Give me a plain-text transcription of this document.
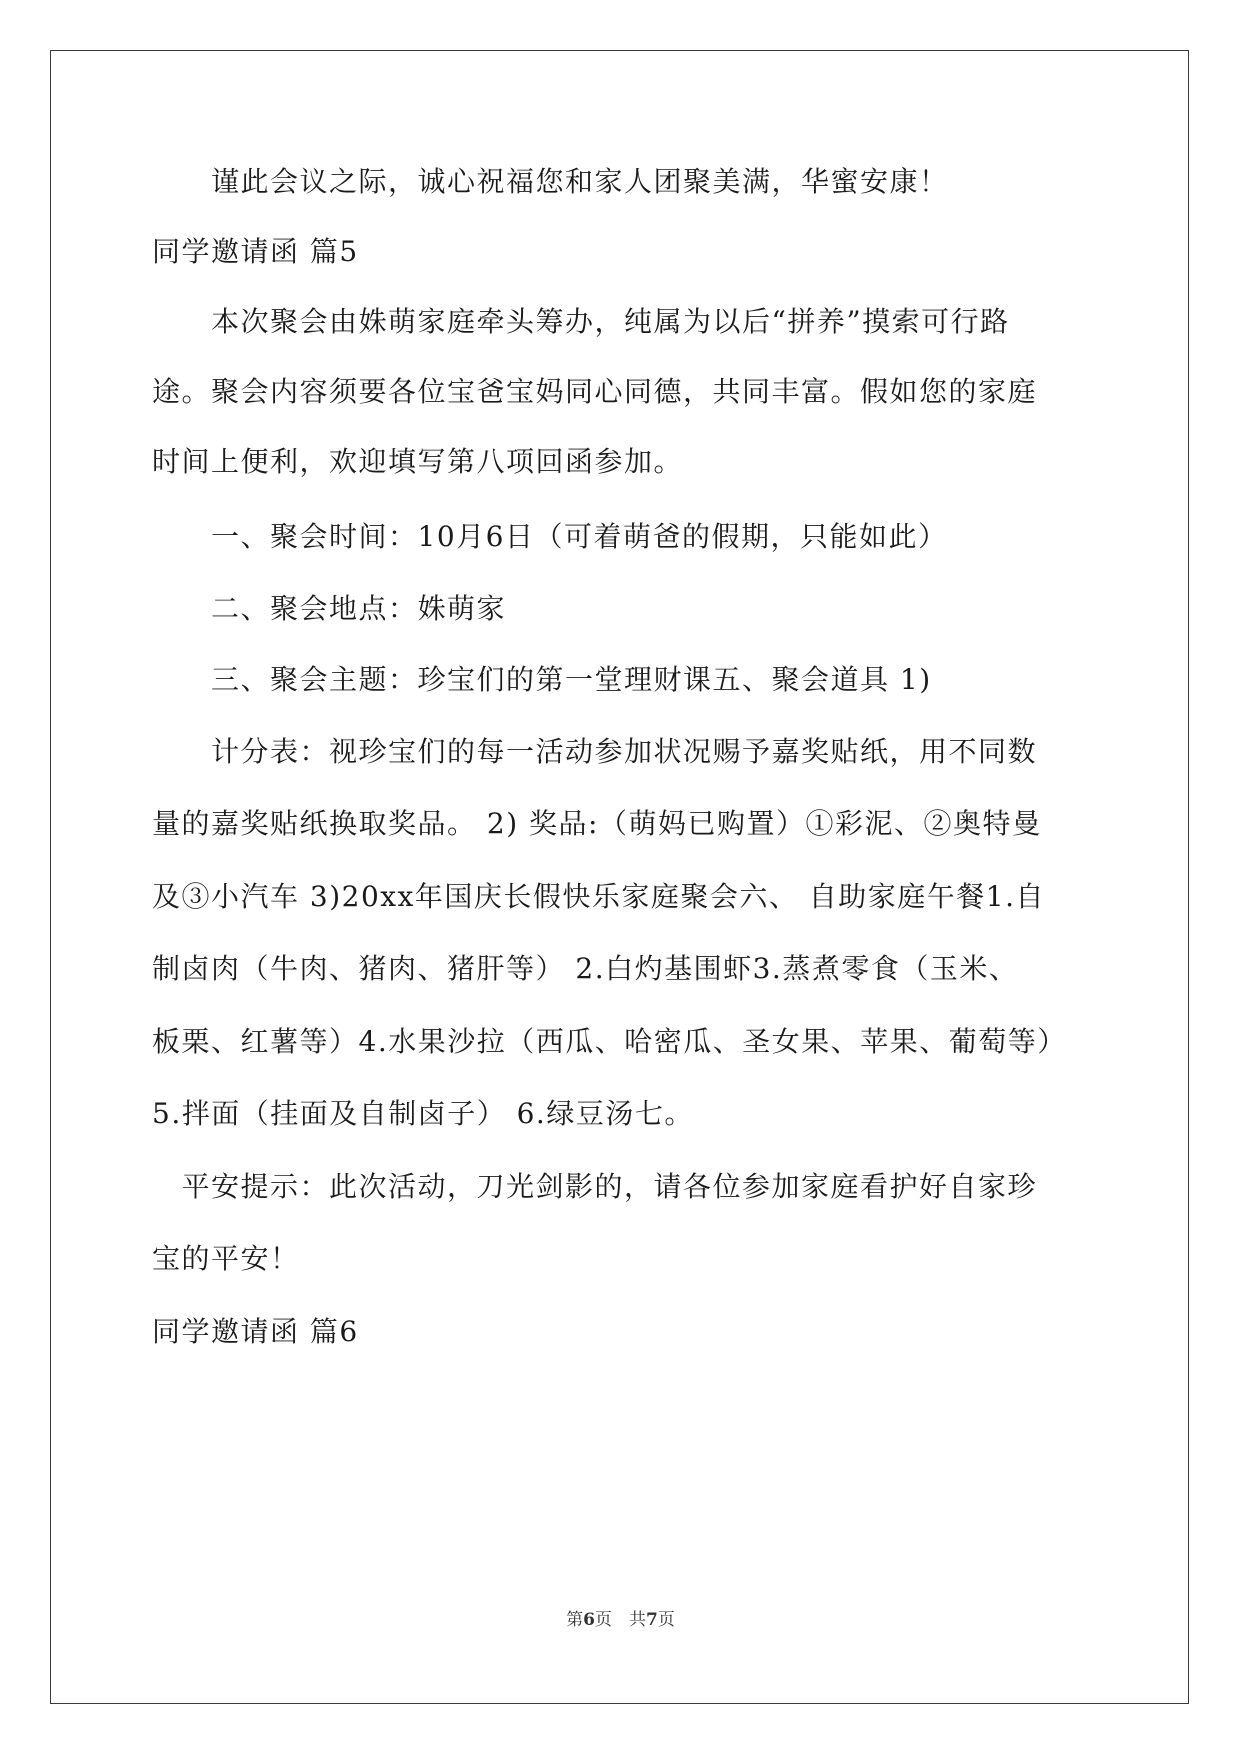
　　谨此会议之际，诚心祝福您和家人团聚美满，华蜜安康！
同学邀请函 篇5
　　本次聚会由姝萌家庭牵头筹办，纯属为以后“拼养”摸索可行路
途。聚会内容须要各位宝爸宝妈同心同德，共同丰富。假如您的家庭
时间上便利，欢迎填写第八项回函参加。
　　一、聚会时间：10月6日（可着萌爸的假期，只能如此）
　　二、聚会地点：姝萌家
　　三、聚会主题：珍宝们的第一堂理财课五、聚会道具 1)
　　计分表：视珍宝们的每一活动参加状况赐予嘉奖贴纸，用不同数
量的嘉奖贴纸换取奖品。 2) 奖品:（萌妈已购置）①彩泥、②奥特曼
及③小汽车 3)20xx年国庆长假快乐家庭聚会六、 自助家庭午餐1.自
制卤肉（牛肉、猪肉、猪肝等） 2.白灼基围虾3.蒸煮零食（玉米、
板栗、红薯等）4.水果沙拉（西瓜、哈密瓜、圣女果、苹果、葡萄等）
5.拌面（挂面及自制卤子） 6.绿豆汤七。
　平安提示：此次活动，刀光剑影的，请各位参加家庭看护好自家珍
宝的平安！
同学邀请函 篇6
第6页　共7页
